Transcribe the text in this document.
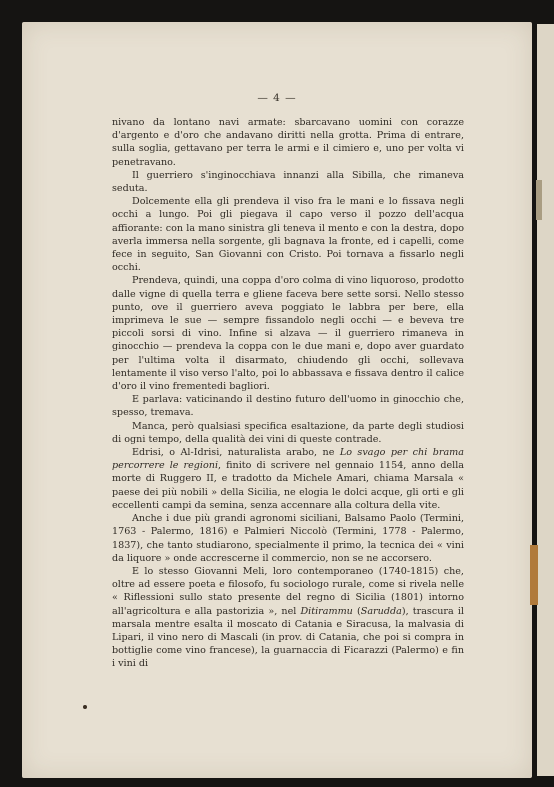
— 4 —

nivano da lontano navi armate: sbarcavano uomini con corazze d'argento e d'oro che andavano diritti nella grotta. Prima di entrare, sulla soglia, gettavano per terra le armi e il cimiero e, uno per volta vi penetravano.

Il guerriero s'inginocchiava innanzi alla Sibilla, che rimaneva seduta.

Dolcemente ella gli prendeva il viso fra le mani e lo fissava negli occhi a lungo. Poi gli piegava il capo verso il pozzo dell'acqua affiorante: con la mano sinistra gli teneva il mento e con la destra, dopo averla immersa nella sorgente, gli bagnava la fronte, ed i capelli, come fece in seguito, San Giovanni con Cristo. Poi tornava a fissarlo negli occhi.

Prendeva, quindi, una coppa d'oro colma di vino liquoroso, prodotto dalle vigne di quella terra e gliene faceva bere sette sorsi. Nello stesso punto, ove il guerriero aveva poggiato le labbra per bere, ella imprimeva le sue — sempre fissandolo negli occhi — e beveva tre piccoli sorsi di vino. Infine si alzava — il guerriero rimaneva in ginocchio — prendeva la coppa con le due mani e, dopo aver guardato per l'ultima volta il disarmato, chiudendo gli occhi, sollevava lentamente il viso verso l'alto, poi lo abbassava e fissava dentro il calice d'oro il vino frementedi bagliori.

E parlava: vaticinando il destino futuro dell'uomo in ginocchio che, spesso, tremava.

Manca, però qualsiasi specifica esaltazione, da parte degli studiosi di ogni tempo, della qualità dei vini di queste contrade.

Edrisi, o Al-Idrisi, naturalista arabo, ne Lo svago per chi brama percorrere le regioni, finito di scrivere nel gennaio 1154, anno della morte di Ruggero II, e tradotto da Michele Amari, chiama Marsala « paese dei più nobili » della Sicilia, ne elogia le dolci acque, gli orti e gli eccellenti campi da semina, senza accennare alla coltura della vite.

Anche i due più grandi agronomi siciliani, Balsamo Paolo (Termini, 1763 - Palermo, 1816) e Palmieri Niccolò (Termini, 1778 - Palermo, 1837), che tanto studiarono, specialmente il primo, la tecnica dei « vini da liquore » onde accrescerne il commercio, non se ne accorsero.

E lo stesso Giovanni Meli, loro contemporaneo (1740-1815) che, oltre ad essere poeta e filosofo, fu sociologo rurale, come si rivela nelle « Riflessioni sullo stato presente del regno di Sicilia (1801) intorno all'agricoltura e alla pastorizia », nel Ditirammu (Sarudda), trascura il marsala mentre esalta il moscato di Catania e Siracusa, la malvasia di Lipari, il vino nero di Mascali (in prov. di Catania, che poi si compra in bottiglie come vino francese), la guarnaccia di Ficarazzi (Palermo) e fin i vini di
